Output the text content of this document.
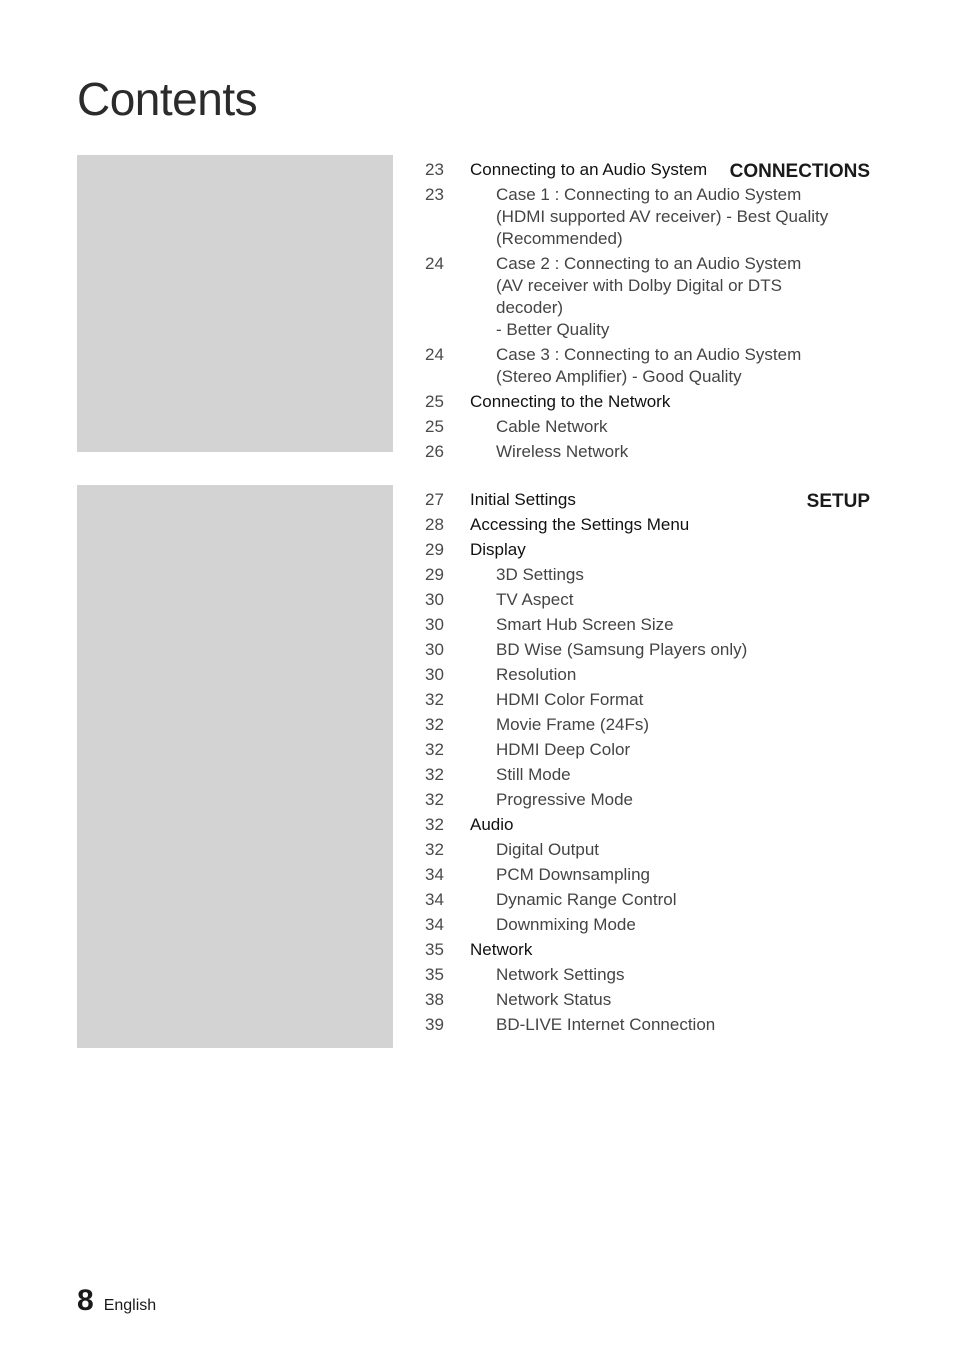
Contents
CONNECTIONS
23	Connecting to an Audio System
23	Case 1 : Connecting to an Audio System
(HDMI supported AV receiver) - Best Quality
(Recommended)
24	Case 2 : Connecting to an Audio System
(AV receiver with Dolby Digital or DTS decoder)
- Better Quality
24	Case 3 : Connecting to an Audio System
(Stereo Amplifier) - Good Quality
25	Connecting to the Network
25	Cable Network
26	Wireless Network
SETUP
27	Initial Settings
28	Accessing the Settings Menu
29	Display
29	3D Settings
30	TV Aspect
30	Smart Hub Screen Size
30	BD Wise (Samsung Players only)
30	Resolution
32	HDMI Color Format
32	Movie Frame (24Fs)
32	HDMI Deep Color
32	Still Mode
32	Progressive Mode
32	Audio
32	Digital Output
34	PCM Downsampling
34	Dynamic Range Control
34	Downmixing Mode
35	Network
35	Network Settings
38	Network Status
39	BD-LIVE Internet Connection
8 English
